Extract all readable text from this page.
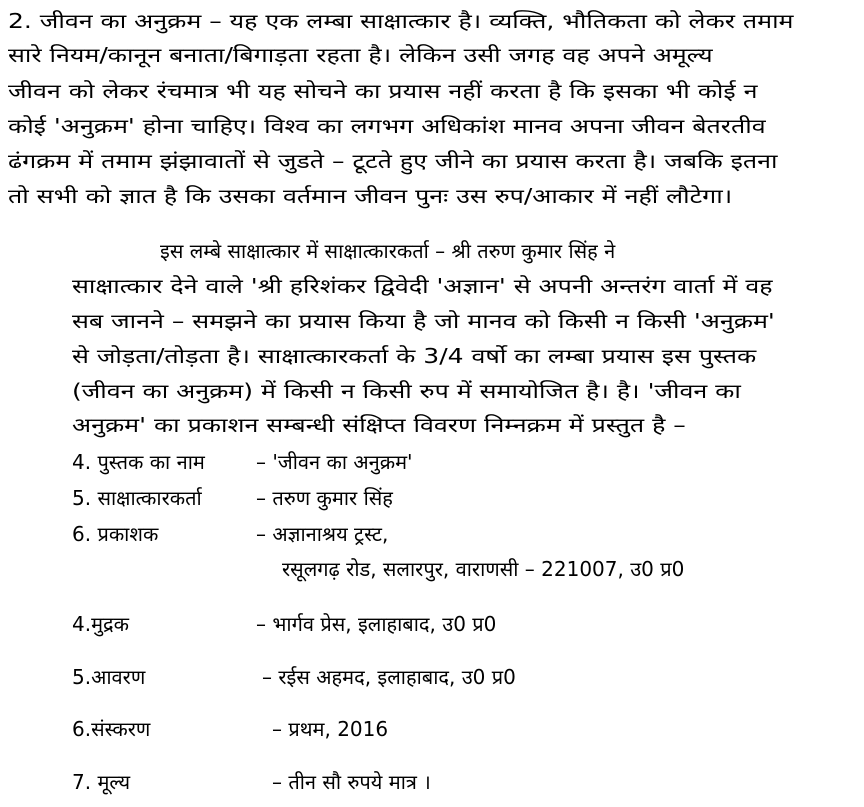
2. जीवन का अनुक्रम – यह एक लम्बा साक्षात्कार है। व्यक्ति, भौतिकता को लेकर तमाम
सारे नियम/कानून बनाता/बिगाड़ता रहता है। लेकिन उसी जगह वह अपने अमूल्य
जीवन को लेकर रंचमात्र भी यह सोचने का प्रयास नहीं करता है कि इसका भी कोई न
कोई 'अनुक्रम' होना चाहिए। विश्व का लगभग अधिकांश मानव अपना जीवन बेतरतीव
ढंगक्रम में तमाम झंझावातों से जुडते – टूटते हुए जीने का प्रयास करता है। जबकि इतना
तो सभी को ज्ञात है कि उसका वर्तमान जीवन पुनः उस रुप/आकार में नहीं लौटेगा।
इस लम्बे साक्षात्कार में साक्षात्कारकर्ता – श्री तरुण कुमार सिंह ने
साक्षात्कार देने वाले 'श्री हरिशंकर द्विवेदी 'अज्ञान' से अपनी अन्तरंग वार्ता में वह
सब जानने – समझने का प्रयास किया है जो मानव को किसी न किसी 'अनुक्रम'
से जोड़ता/तोड़ता है। साक्षात्कारकर्ता के 3/4 वर्षो का लम्बा प्रयास इस पुस्तक
(जीवन का अनुक्रम) में किसी न किसी रुप में समायोजित है। है। 'जीवन का
अनुक्रम' का प्रकाशन सम्बन्धी संक्षिप्त विवरण निम्नक्रम में प्रस्तुत है –
4. पुस्तक का नाम	– 'जीवन का अनुक्रम'
5. साक्षात्कारकर्ता	– तरुण कुमार सिंह
6. प्रकाशक	– अज्ञानाश्रय ट्रस्ट,
रसूलगढ़ रोड, सलारपुर, वाराणसी – 221007, उ0 प्र0
4.मुद्रक	– भार्गव प्रेस, इलाहाबाद, उ0 प्र0
5.आवरण	– रईस अहमद, इलाहाबाद, उ0 प्र0
6.संस्करण	– प्रथम, 2016
7. मूल्य	– तीन सौ रुपये मात्र ।
